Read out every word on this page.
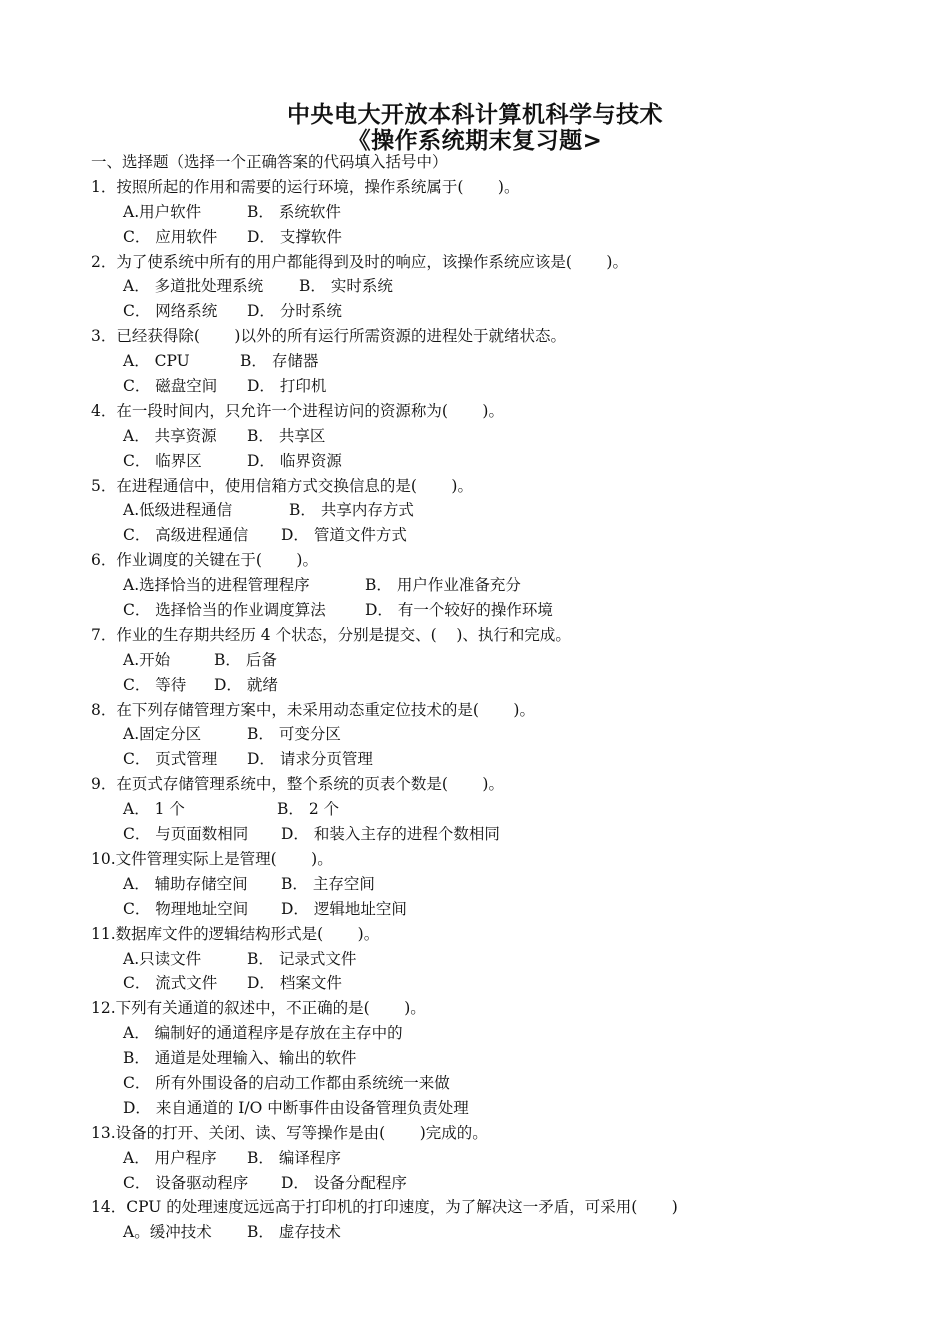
中央电大开放本科计算机科学与技术
《操作系统期末复习题>
一、选择题（选择一个正确答案的代码填入括号中）
1．按照所起的作用和需要的运行环境，操作系统属于(       )。
A.用户软件	B． 系统软件
C． 应用软件 D． 支撑软件
2．为了使系统中所有的用户都能得到及时的响应，该操作系统应该是(       )。
A． 多道批处理系统 B． 实时系统
C． 网络系统 D． 分时系统
3．已经获得除(       )以外的所有运行所需资源的进程处于就绪状态。
A． CPU	B． 存储器
C． 磁盘空间 D． 打印机
4．在一段时间内，只允许一个进程访问的资源称为(       )。
A． 共享资源 B． 共享区
C． 临界区	D． 临界资源
5．在进程通信中，使用信箱方式交换信息的是(       )。
A.低级进程通信	B． 共享内存方式
C． 高级进程通信 D． 管道文件方式
6．作业调度的关键在于(       )。
A.选择恰当的进程管理程序	B． 用户作业准备充分
C． 选择恰当的作业调度算法	D． 有一个较好的操作环境
7．作业的生存期共经历 4 个状态，分别是提交、(    )、执行和完成。
A.开始	B． 后备
C． 等待 D． 就绪
8．在下列存储管理方案中，未采用动态重定位技术的是(       )。
A.固定分区	B． 可变分区
C． 页式管理 D． 请求分页管理
9．在页式存储管理系统中，整个系统的页表个数是(       )。
A． 1 个	B． 2 个
C． 与页面数相同 D． 和装入主存的进程个数相同
10.文件管理实际上是管理(       )。
A． 辅助存储空间 B． 主存空间
C． 物理地址空间 D． 逻辑地址空间
11.数据库文件的逻辑结构形式是(       )。
A.只读文件	B． 记录式文件
C． 流式文件 D． 档案文件
12.下列有关通道的叙述中，不正确的是(       )。
A． 编制好的通道程序是存放在主存中的
B． 通道是处理输入、输出的软件
C． 所有外围设备的启动工作都由系统统一来做
D． 来自通道的 I/O 中断事件由设备管理负责处理
13.设备的打开、关闭、读、写等操作是由(       )完成的。
A． 用户程序 B． 编译程序
C． 设备驱动程序 D． 设备分配程序
14．CPU 的处理速度远远高于打印机的打印速度，为了解决这一矛盾，可采用(       )
A。缓冲技术 B． 虚存技术
